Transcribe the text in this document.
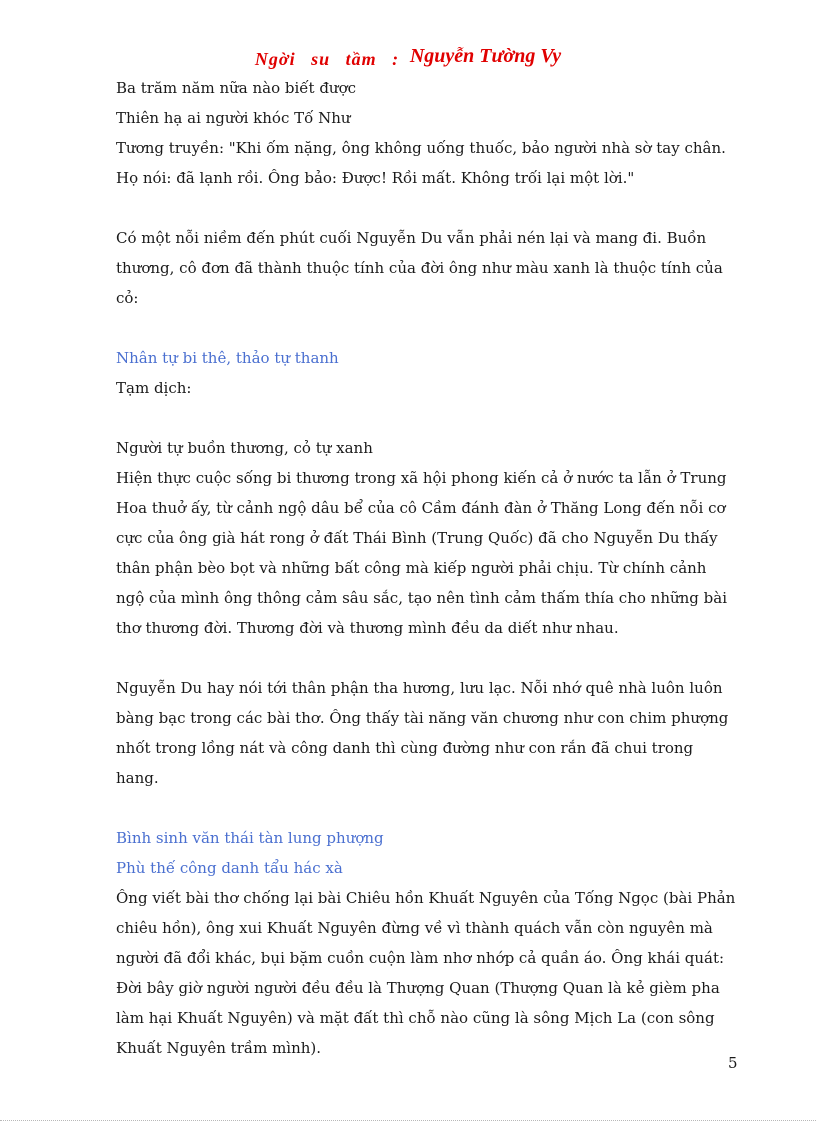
Ngời su tầm : Nguyễn Tường Vy

Ba trăm năm nữa nào biết được

Thiên hạ ai người khóc Tố Như

Tương truyền: "Khi ốm nặng, ông không uống thuốc, bảo người nhà sờ tay chân. Họ nói: đã lạnh rồi. Ông bảo: Được! Rồi mất. Không trối lại một lời."

Có một nỗi niềm đến phút cuối Nguyễn Du vẫn phải nén lại và mang đi. Buồn thương, cô đơn đã thành thuộc tính của đời ông như màu xanh là thuộc tính của cỏ:

Nhân tự bi thê, thảo tự thanh

Tạm dịch:

Người tự buồn thương, cỏ tự xanh

Hiện thực cuộc sống bi thương trong xã hội phong kiến cả ở nước ta lẫn ở Trung Hoa thuở ấy, từ cảnh ngộ dâu bể của cô Cầm đánh đàn ở Thăng Long đến nỗi cơ cực của ông già hát rong ở đất Thái Bình (Trung Quốc) đã cho Nguyễn Du thấy thân phận bèo bọt và những bất công mà kiếp người phải chịu. Từ chính cảnh ngộ của mình ông thông cảm sâu sắc, tạo nên tình cảm thấm thía cho những bài thơ thương đời. Thương đời và thương mình đều da diết như nhau.

Nguyễn Du hay nói tới thân phận tha hương, lưu lạc. Nỗi nhớ quê nhà luôn luôn bàng bạc trong các bài thơ. Ông thấy tài năng văn chương như con chim phượng nhốt trong lồng nát và công danh thì cùng đường như con rắn đã chui trong hang.

Bình sinh văn thái tàn lung phượng

Phù thế công danh tẩu hác xà

Ông viết bài thơ chống lại bài Chiêu hồn Khuất Nguyên của Tống Ngọc (bài Phản chiêu hồn), ông xui Khuất Nguyên đừng về vì thành quách vẫn còn nguyên mà người đã đổi khác, bụi bặm cuồn cuộn làm nhơ nhớp cả quần áo. Ông khái quát: Đời bây giờ người người đều đều là Thượng Quan (Thượng Quan là kẻ gièm pha làm hại Khuất Nguyên) và mặt đất thì chỗ nào cũng là sông Mịch La (con sông Khuất Nguyên trầm mình).

5
